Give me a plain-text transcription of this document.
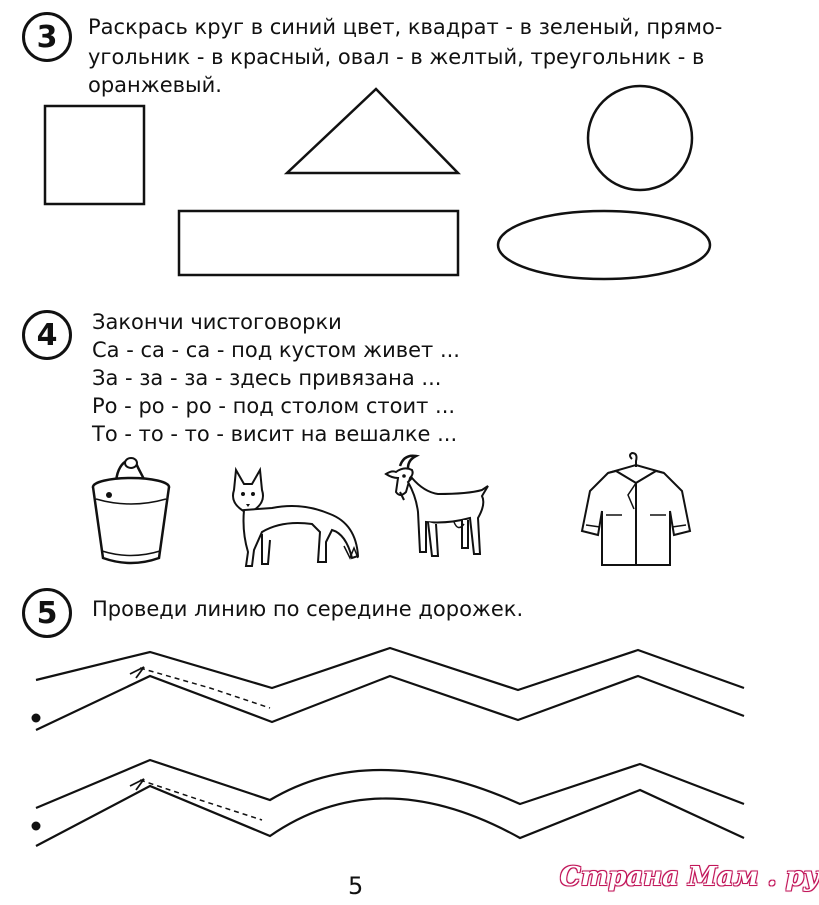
3 Раскрась круг в синий цвет, квадрат - в зеленый, прямо-
угольник - в красный, овал - в желтый, треугольник - в
оранжевый.
4 Закончи чистоговорки
Са - са - са - под кустом живет ...
За - за - за - здесь привязана ...
Ро - ро - ро - под столом стоит ...
То - то - то - висит на вешалке ...
5 Проведи линию по середине дорожек.
5	Страна Мам . ру
